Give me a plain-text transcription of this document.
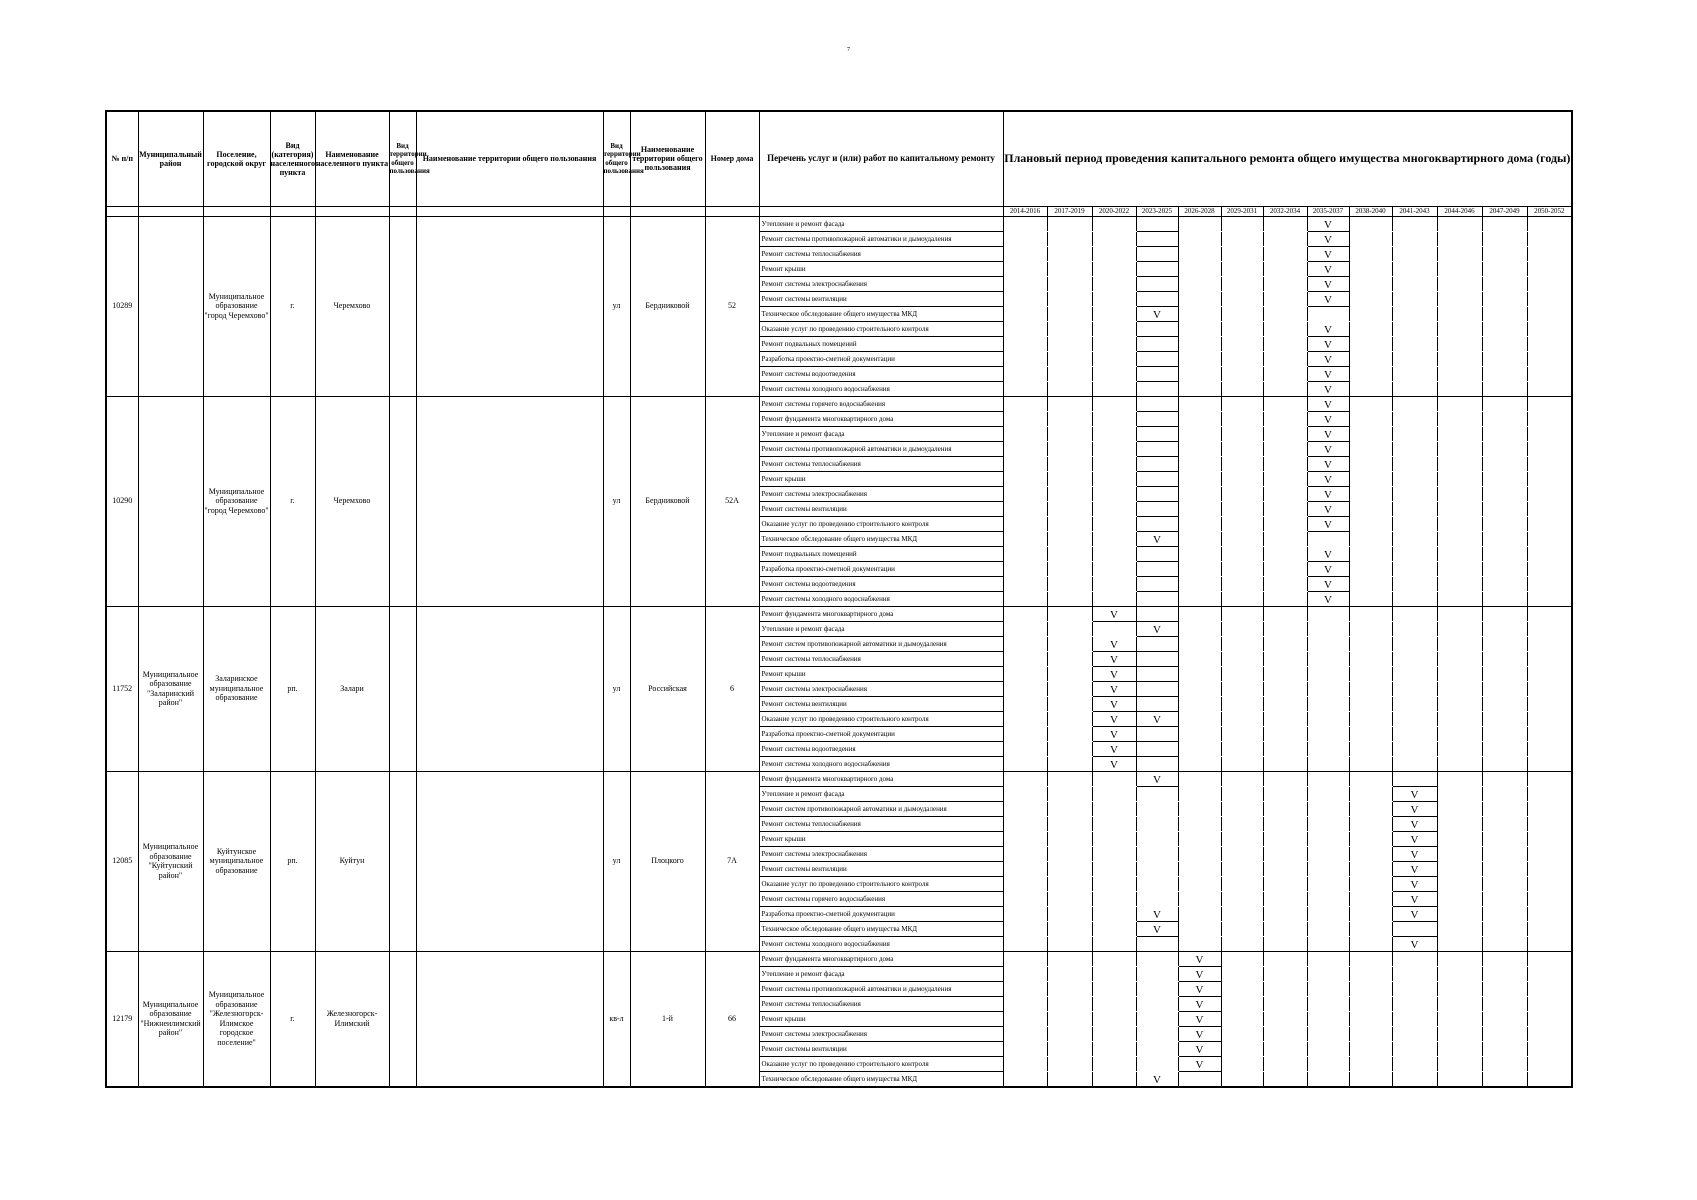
7
№ п/п	Муниципальный район	Поселение, городской округ	Вид (категория) населенного пункта	Наименование населенного пункта	Вид территории общего пользования	Наименование территории общего пользования	Вид территории общего пользования	Наименование территории общего пользования	Номер дома	Перечень услуг и (или) работ по капитальному ремонту	Плановый период проведения капитального ремонта общего имущества многоквартирного дома (годы)												
											2014-2016	2017-2019	2020-2022	2023-2025	2026-2028	2029-2031	2032-2034	2035-2037	2038-2040	2041-2043	2044-2046	2047-2049	2050-2052
10289		Муниципальное образование "город Черемхово"	г.	Черемхово			ул	Бердниковой	52	Утепление и ремонт фасада								V					
										Ремонт системы противопожарной автоматики и дымоудаления								V					
										Ремонт системы теплоснабжения								V					
										Ремонт крыши								V					
										Ремонт системы электроснабжения								V					
										Ремонт системы вентиляции								V					
										Техническое обследование общего имущества МКД				V									
										Оказание услуг по проведению строительного контроля								V					
										Ремонт подвальных помещений								V					
										Разработка проектно-сметной документации								V					
										Ремонт системы водоотведения								V					
										Ремонт системы холодного водоснабжения								V					
10290		Муниципальное образование "город Черемхово"	г.	Черемхово			ул	Бердниковой	52А	Ремонт системы горячего водоснабжения								V					
										Ремонт фундамента многоквартирного дома								V					
										Утепление и ремонт фасада								V					
										Ремонт системы противопожарной автоматики и дымоудаления								V					
										Ремонт системы теплоснабжения								V					
										Ремонт крыши								V					
										Ремонт системы электроснабжения								V					
										Ремонт системы вентиляции								V					
										Оказание услуг по проведению строительного контроля								V					
										Техническое обследование общего имущества МКД				V									
										Ремонт подвальных помещений								V					
										Разработка проектно-сметной документации								V					
										Ремонт системы водоотведения								V					
										Ремонт системы холодного водоснабжения								V					
11752	Муниципальное образование "Заларинский район"	Заларинское муниципальное образование	рп.	Залари			ул	Российская	6	Ремонт фундамента многоквартирного дома			V										
										Утепление и ремонт фасада				V									
										Ремонт систем противопожарной автоматики и дымоудаления			V										
										Ремонт системы теплоснабжения			V										
										Ремонт крыши			V										
										Ремонт системы электроснабжения			V										
										Ремонт системы вентиляции			V										
										Оказание услуг по проведению строительного контроля			V	V									
										Разработка проектно-сметной документации			V										
										Ремонт системы водоотведения			V										
										Ремонт системы холодного водоснабжения			V										
12085	Муниципальное образование "Куйтунский район"	Куйтунское муниципальное образование	рп.	Куйтун			ул	Плоцкого	7А	Ремонт фундамента многоквартирного дома				V									
										Утепление и ремонт фасада										V			
										Ремонт систем противопожарной автоматики и дымоудаления										V			
										Ремонт системы теплоснабжения										V			
										Ремонт крыши										V			
										Ремонт системы электроснабжения										V			
										Ремонт системы вентиляции										V			
										Оказание услуг по проведению строительного контроля										V			
										Ремонт системы горячего водоснабжения										V			
										Разработка проектно-сметной документации				V						V			
										Техническое обследование общего имущества МКД				V									
										Ремонт системы холодного водоснабжения										V			
12179	Муниципальное образование "Нижнеилимский район"	Муниципальное образование "Железногорск-Илимское городское поселение"	г.	Железногорск-Илимский			кв-л	1-й	66	Ремонт фундамента многоквартирного дома					V								
										Утепление и ремонт фасада					V								
										Ремонт системы противопожарной автоматики и дымоудаления					V								
										Ремонт системы теплоснабжения					V								
										Ремонт крыши					V								
										Ремонт системы электроснабжения					V								
										Ремонт системы вентиляции					V								
										Оказание услуг по проведению строительного контроля					V								
										Техническое обследование общего имущества МКД				V									
